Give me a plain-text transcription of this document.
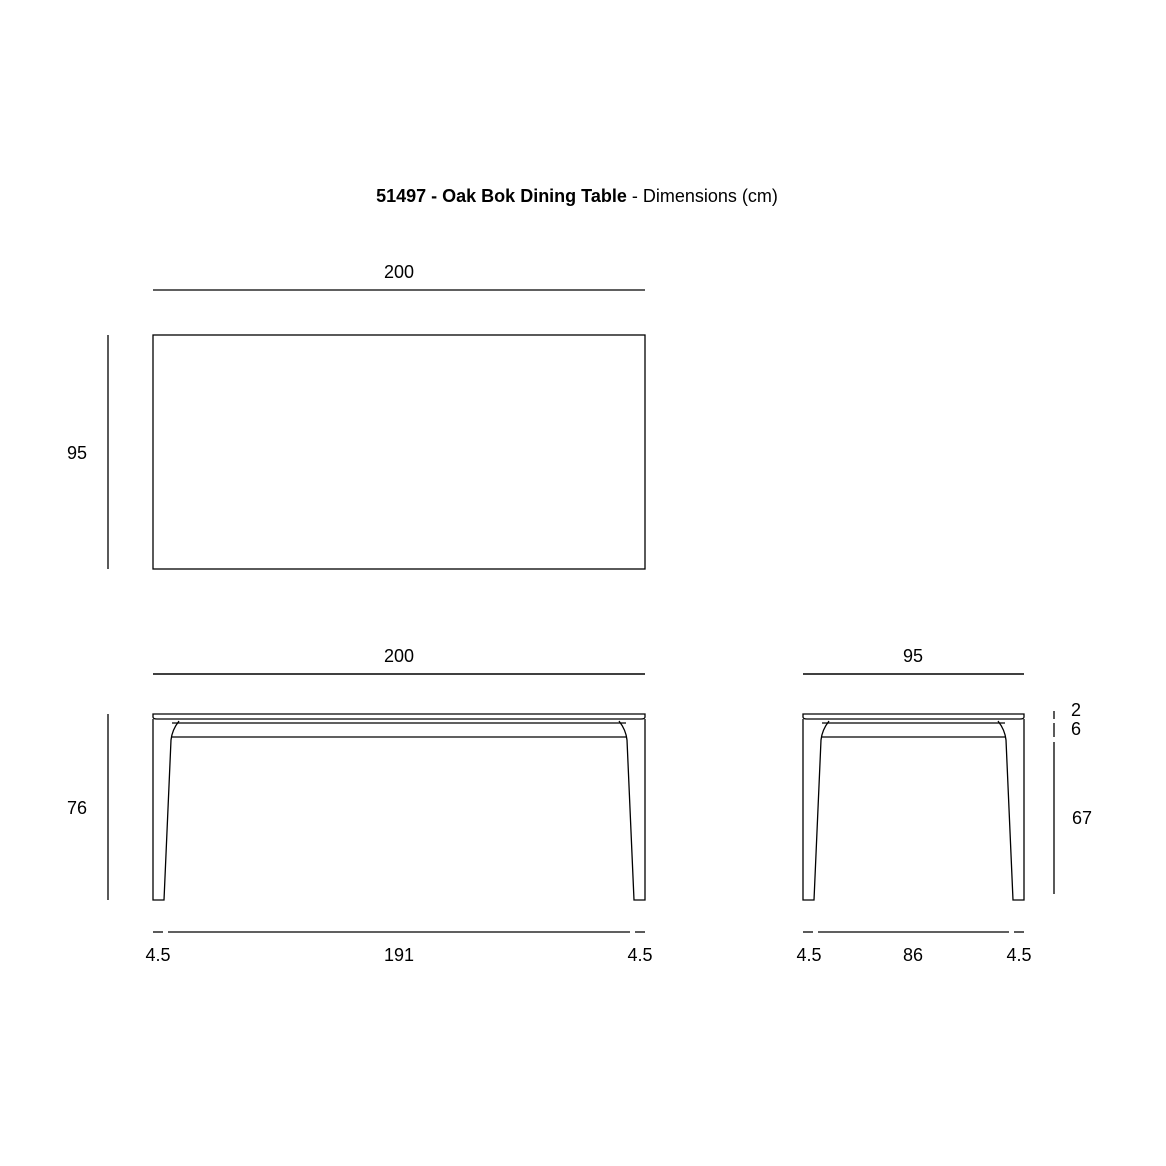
51497 - Oak Bok Dining Table - Dimensions (cm)
200
95
200
76
4.5	191	4.5
95
2
6
67
4.5	86	4.5
